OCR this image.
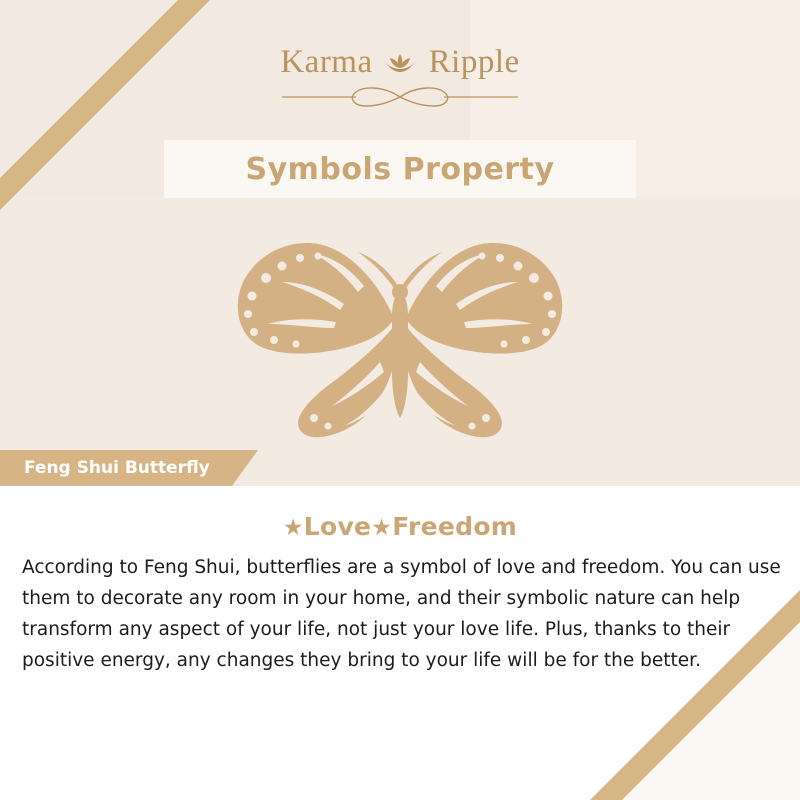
Karma Ripple
Symbols Property
Feng Shui Butterfly
★Love★Freedom
According to Feng Shui, butterflies are a symbol of love and freedom. You can use them to decorate any room in your home, and their symbolic nature can help transform any aspect of your life, not just your love life. Plus, thanks to their positive energy, any changes they bring to your life will be for the better.
